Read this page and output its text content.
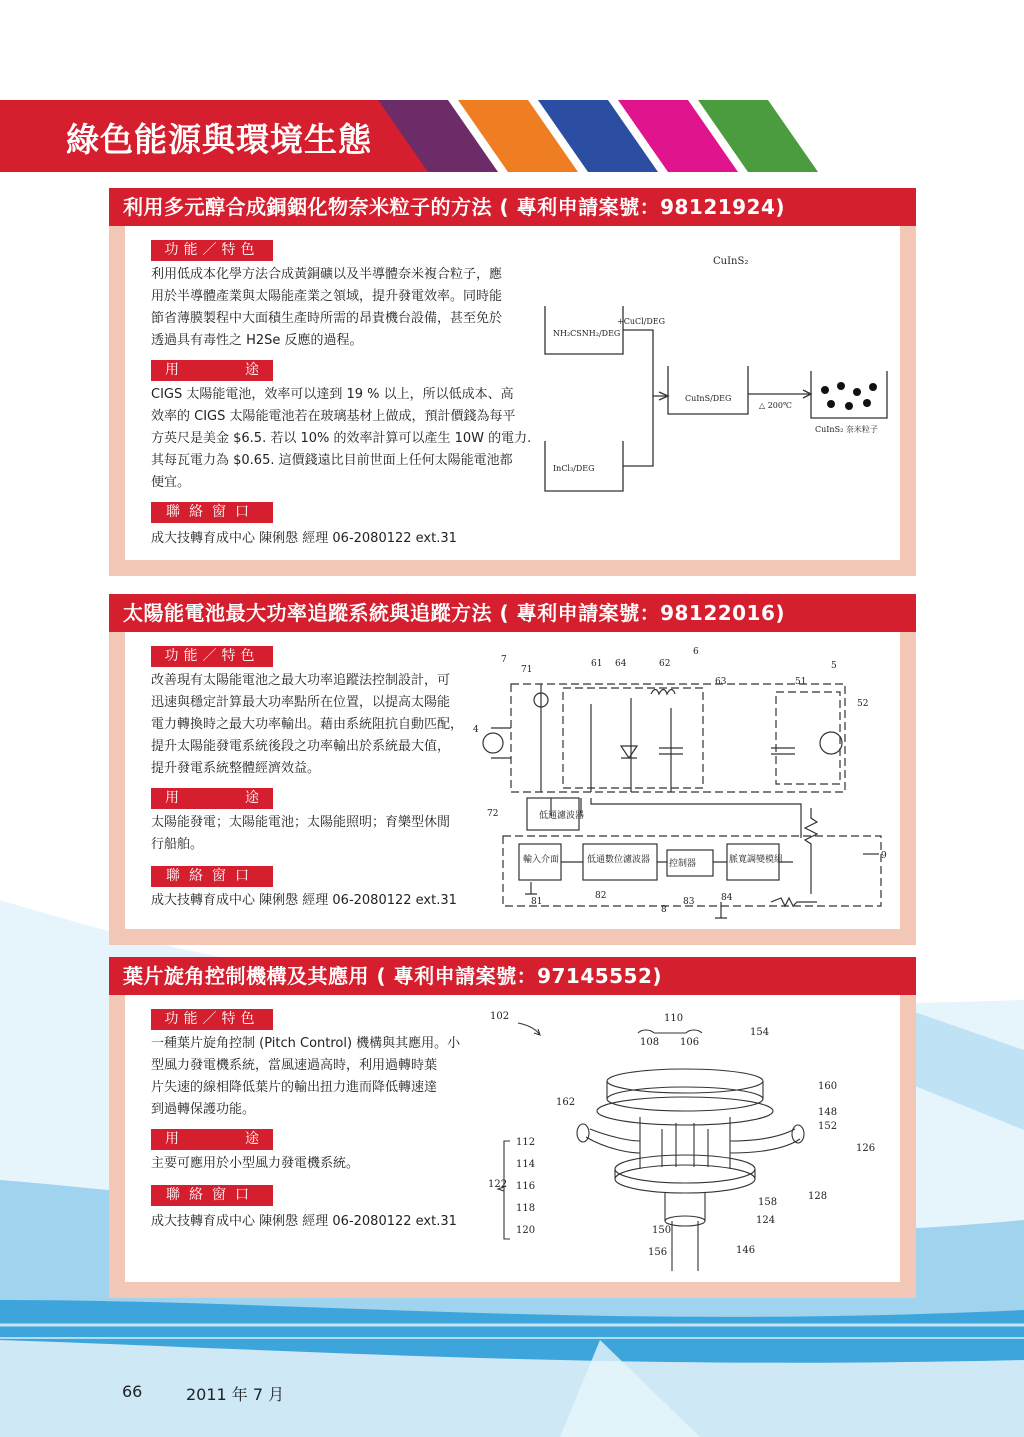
綠色能源與環境生態
利用多元醇合成銅銦化物奈米粒子的方法 ( 專利申請案號：98121924)
功能／特色
利用低成本化學方法合成黃銅礦以及半導體奈米複合粒子，應
用於半導體產業與太陽能產業之領域，提升發電效率。同時能
節省薄膜製程中大面積生產時所需的昂貴機台設備，甚至免於
透過具有毒性之 H2Se 反應的過程。
用	途
CIGS 太陽能電池，效率可以達到 19 % 以上，所以低成本、高
效率的 CIGS 太陽能電池若在玻璃基材上做成，預計價錢為每平
方英尺是美金 $6.5. 若以 10% 的效率計算可以產生 10W 的電力.
其每瓦電力為 $0.65. 這價錢遠比目前世面上任何太陽能電池都
便宜。
聯絡窗口
成大技轉育成中心 陳俐慇 經理 06-2080122 ext.31
CuInS₂
NH₂CSNH₂/DEG
InCl₃/DEG
CuInS/DEG
+CuCl/DEG
△ 200℃
CuInS₂ 奈米粒子
太陽能電池最大功率追蹤系統與追蹤方法 ( 專利申請案號：98122016)
功能／特色
改善現有太陽能電池之最大功率追蹤法控制設計，可
迅速與穩定計算最大功率點所在位置，以提高太陽能
電力轉換時之最大功率輸出。藉由系統阻抗自動匹配，
提升太陽能發電系統後段之功率輸出於系統最大值，
提升發電系統整體經濟效益。
用	途
太陽能發電；太陽能電池；太陽能照明；育樂型休閒
行船舶。
聯絡窗口
成大技轉育成中心 陳俐慇 經理 06-2080122 ext.31
低通濾波器
輸入介面	低通數位濾波器 控制器	脈寬調變模組
7
71
61 64	62
6
63	51
5
52
4
72
9
81
82
83	84
8
葉片旋角控制機構及其應用 ( 專利申請案號：97145552)
功能／特色
一種葉片旋角控制 (Pitch Control) 機構與其應用。小
型風力發電機系統，當風速過高時，利用過轉時葉
片失速的線相降低葉片的輸出扭力進而降低轉速達
到過轉保護功能。
用	途
主要可應用於小型風力發電機系統。
聯絡窗口
成大技轉育成中心 陳俐慇 經理 06-2080122 ext.31
102	110
108 106
154
160
162
148
152
112
126
114
122 116
128
158
118
124
120	150
156	146
66	2011 年 7 月
